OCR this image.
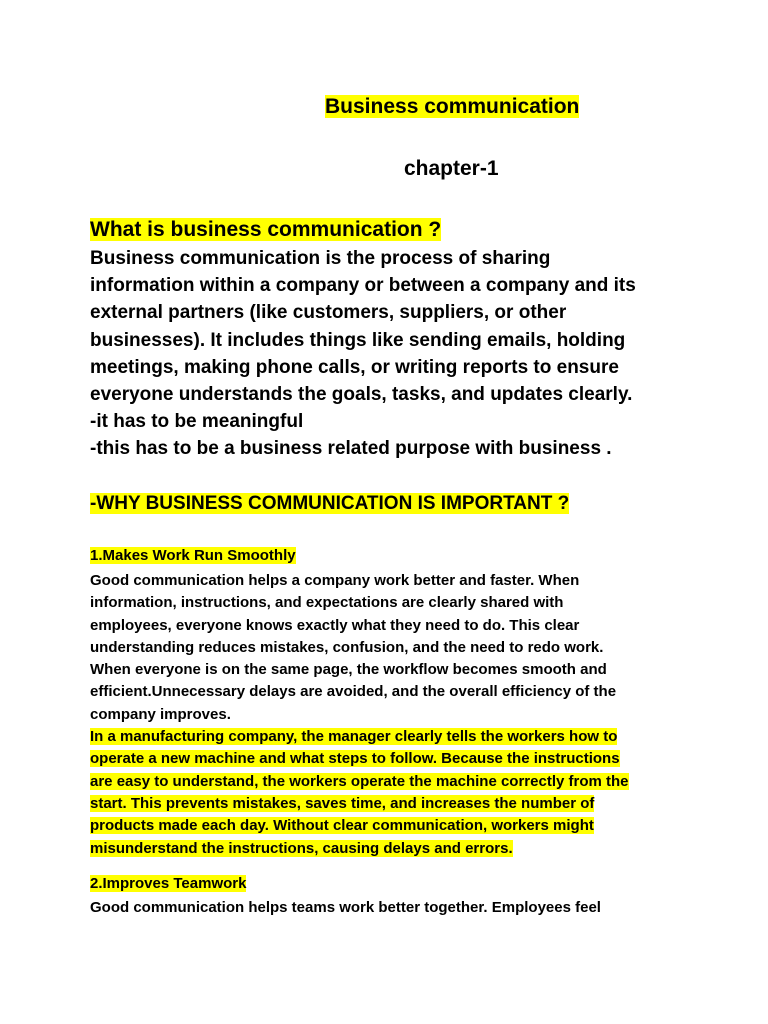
Business communication
chapter-1
What is business communication ?
Business communication is the process of sharing
information within a company or between a company and its
external partners (like customers, suppliers, or other
businesses). It includes things like sending emails, holding
meetings, making phone calls, or writing reports to ensure
everyone understands the goals, tasks, and updates clearly.
-it has to be meaningful
-this has to be a business related purpose with business .
-WHY BUSINESS COMMUNICATION IS IMPORTANT ?
1.Makes Work Run Smoothly
Good communication helps a company work better and faster. When
information, instructions, and expectations are clearly shared with
employees, everyone knows exactly what they need to do. This clear
understanding reduces mistakes, confusion, and the need to redo work.
When everyone is on the same page, the workflow becomes smooth and
efficient.Unnecessary delays are avoided, and the overall efficiency of the
company improves.
In a manufacturing company, the manager clearly tells the workers how to
operate a new machine and what steps to follow. Because the instructions
are easy to understand, the workers operate the machine correctly from the
start. This prevents mistakes, saves time, and increases the number of
products made each day. Without clear communication, workers might
misunderstand the instructions, causing delays and errors.
2.Improves Teamwork
Good communication helps teams work better together. Employees feel
